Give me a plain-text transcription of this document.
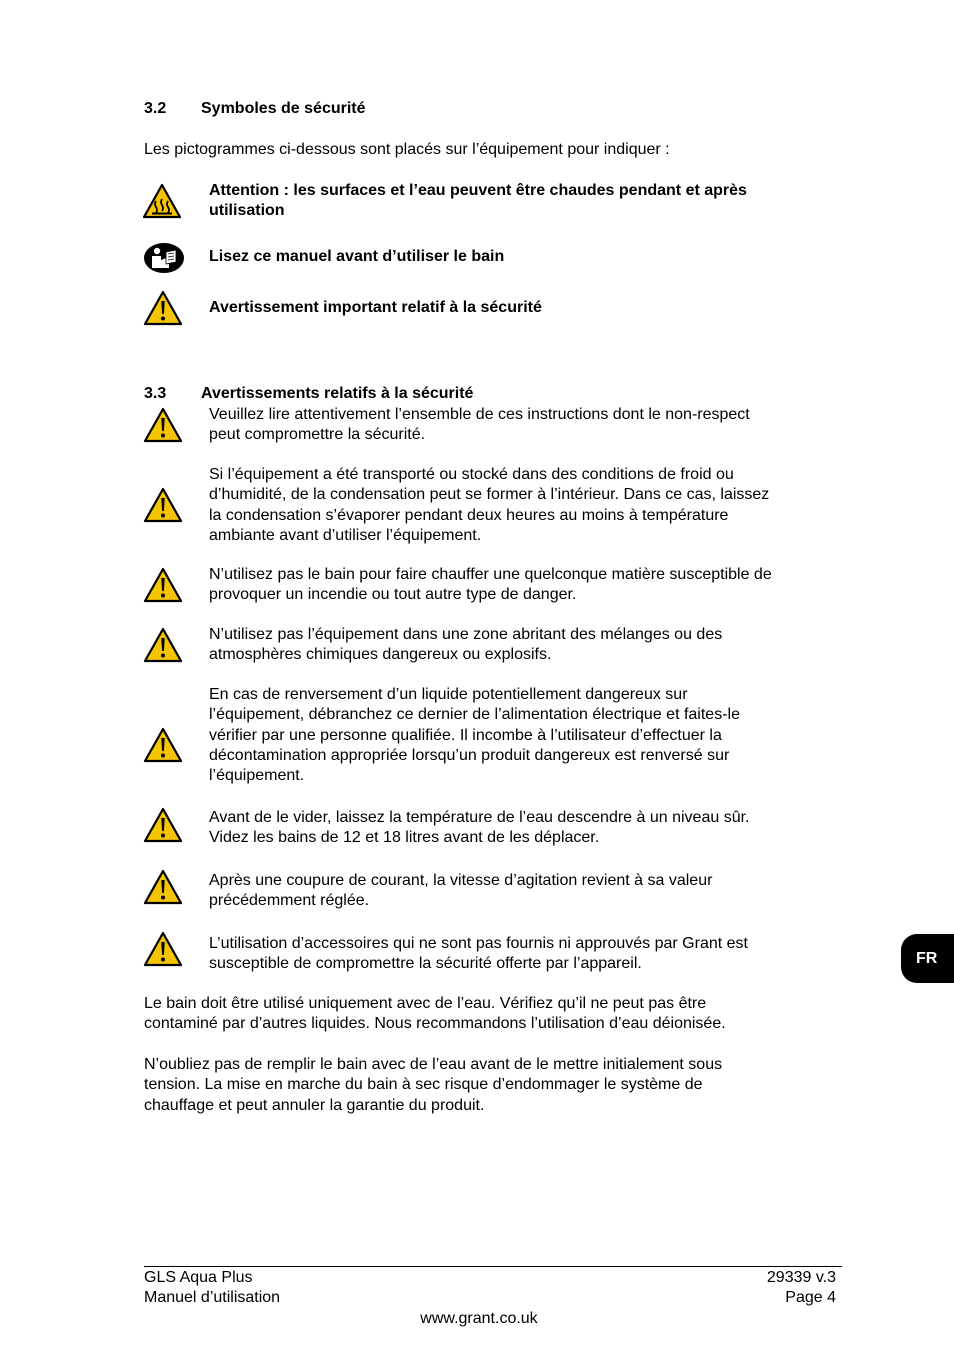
3.2 Symboles de sécurité
Les pictogrammes ci-dessous sont placés sur l’équipement pour indiquer :
Attention : les surfaces et l’eau peuvent être chaudes pendant et après
utilisation
Lisez ce manuel avant d’utiliser le bain
Avertissement important relatif à la sécurité
3.3 Avertissements relatifs à la sécurité
Veuillez lire attentivement l’ensemble de ces instructions dont le non-respect
peut compromettre la sécurité.
Si l’équipement a été transporté ou stocké dans des conditions de froid ou
d’humidité, de la condensation peut se former à l’intérieur. Dans ce cas, laissez
la condensation s’évaporer pendant deux heures au moins à température
ambiante avant d’utiliser l’équipement.
N’utilisez pas le bain pour faire chauffer une quelconque matière susceptible de
provoquer un incendie ou tout autre type de danger.
N’utilisez pas l’équipement dans une zone abritant des mélanges ou des
atmosphères chimiques dangereux ou explosifs.
En cas de renversement d’un liquide potentiellement dangereux sur
l’équipement, débranchez ce dernier de l’alimentation électrique et faites-le
vérifier par une personne qualifiée. Il incombe à l’utilisateur d’effectuer la
décontamination appropriée lorsqu’un produit dangereux est renversé sur
l’équipement.
Avant de le vider, laissez la température de l’eau descendre à un niveau sûr.
Videz les bains de 12 et 18 litres avant de les déplacer.
Après une coupure de courant, la vitesse d’agitation revient à sa valeur
précédemment réglée.
L’utilisation d’accessoires qui ne sont pas fournis ni approuvés par Grant est
susceptible de compromettre la sécurité offerte par l’appareil.
Le bain doit être utilisé uniquement avec de l’eau. Vérifiez qu’il ne peut pas être
contaminé par d’autres liquides. Nous recommandons l’utilisation d’eau déionisée.
N’oubliez pas de remplir le bain avec de l’eau avant de le mettre initialement sous
tension. La mise en marche du bain à sec risque d’endommager le système de
chauffage et peut annuler la garantie du produit.
FR
GLS Aqua Plus
Manuel d’utilisation
29339 v.3
Page 4
www.grant.co.uk
